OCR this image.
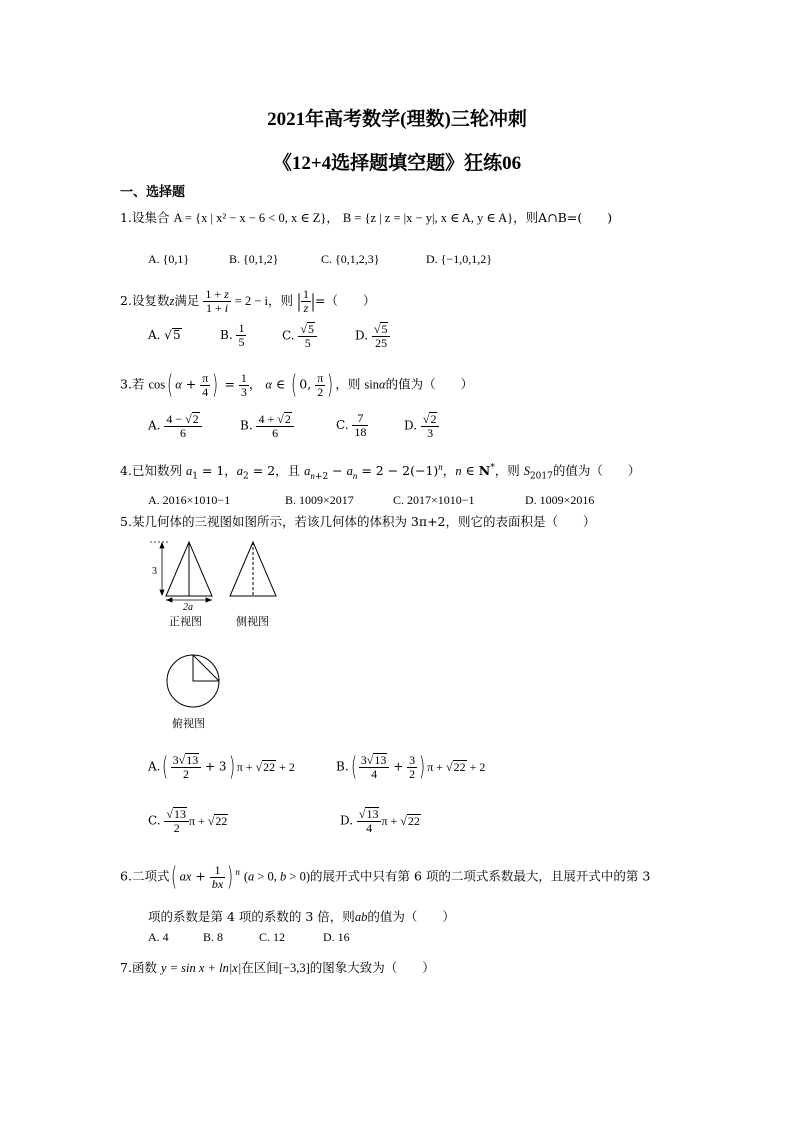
2021年高考数学(理数)三轮冲刺
《12+4选择题填空题》狂练06
一、选择题
1.设集合 A = {x | x² − x − 6 < 0, x ∈ Z}， B = {z | z = |x − y|, x ∈ A, y ∈ A}，则A∩B=(　　)
A. {0,1}	B. {0,1,2}	C. {0,1,2,3}	D. {−1,0,1,2}
2.设复数z满足 $\frac{1 + z}{1 + i} = 2 - i$，则 | $\frac{1}{z}$ |=（　　）
A. √5	B. $\frac{1}{5}$	C. $\frac{√5}{5}$	D. $\frac{√5}{25}$
3.若 cos( $\alpha + \frac{\pi}{4}$ ) = $\frac{1}{3}$ ， α ∈ ( 0, $\frac{\pi}{2}$ ) ，则 sinα的值为（　　）
A. $\frac{4 - √2}{6}$	B. $\frac{4 + √2}{6}$	C. $\frac{7}{18}$	D. $\frac{√2}{3}$
4.已知数列 $a_1 = 1$，$a_2 = 2$，且 $a_{n+2} - a_n = 2 - 2(-1)^n$，n ∈ N*，则 $S_{2017}$的值为（　　）
A. 2016×1010−1	B. 1009×2017	C. 2017×1010−1	D. 1009×2016
5.某几何体的三视图如图所示，若该几何体的体积为 3π+2，则它的表面积是（　　）
3
2a
正视图	侧视图
俯视图
$A.( \frac{3√13}{2} + 3)$ π + √22 + 2	$B.( \frac{3√13}{4} + \frac{3}{2}$ ) π + √22 + 2
C. $\frac{√13}{2}$ π + √22	D. $\frac{√13}{4}$ π + √22
6.二项式( ax + $\frac{1}{bx}$ ) $^n$ (a > 0, b > 0)的展开式中只有第 6 项的二项式系数最大，且展开式中的第 3
项的系数是第 4 项的系数的 3 倍，则ab的值为（　　）
A. 4	B. 8	C. 12	D. 16
7.函数 y = sin x + ln|x|在区间[−3,3]的图象大致为（　　）
